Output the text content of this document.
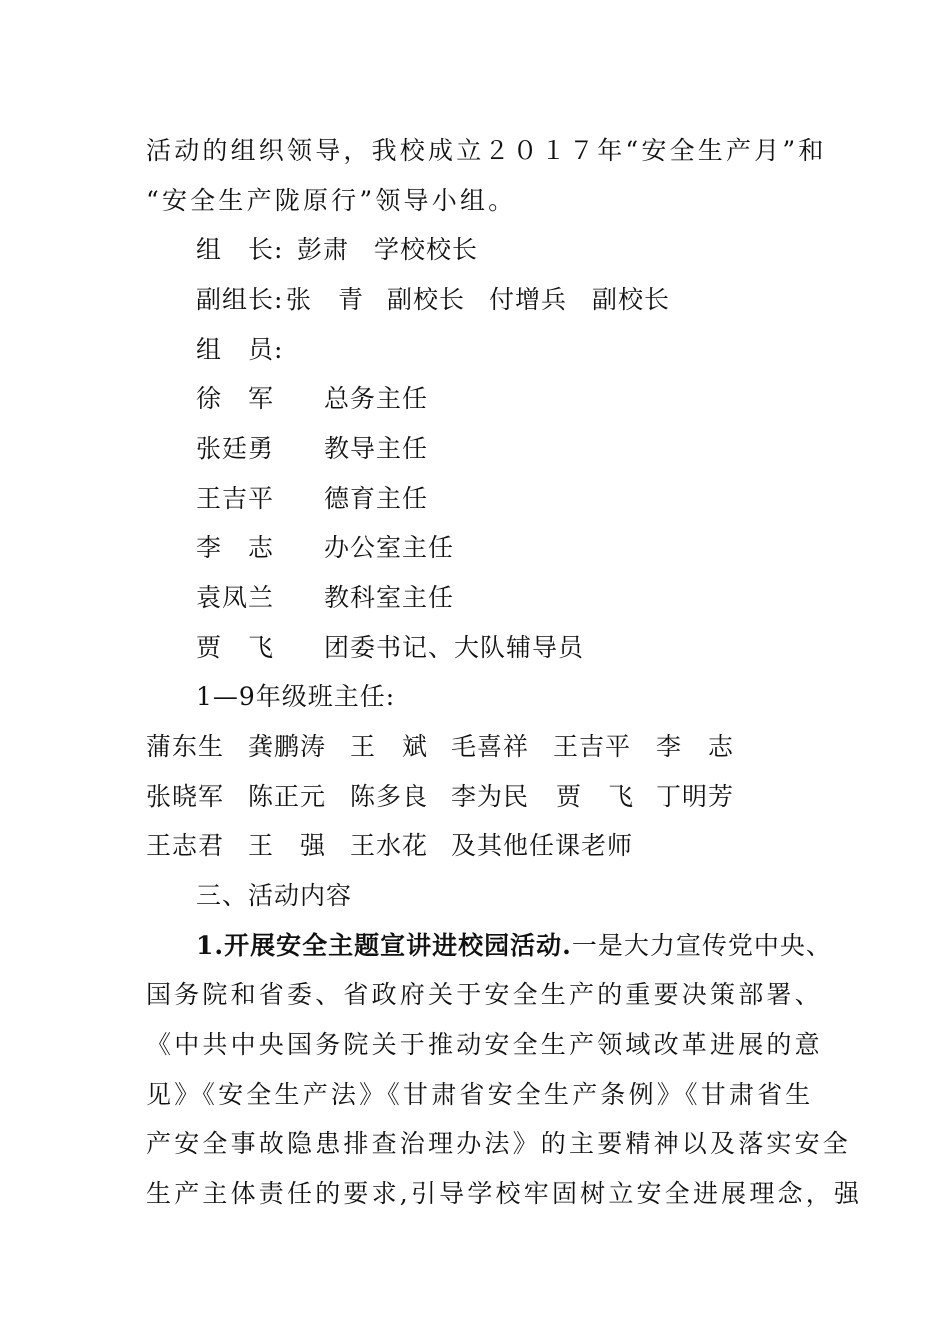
活动的组织领导，我校成立２０１７年“安全生产月”和
“安全生产陇原行”领导小组。
组　长: 彭肃 学校校长
副组长: 张　青 副校长 付增兵 副校长
组　员:
徐　军 总务主任
张廷勇 教导主任
王吉平 德育主任
李　志 办公室主任
袁凤兰 教科室主任
贾　飞 团委书记、大队辅导员
1—9年级班主任:
蒲东生 龚鹏涛 王　斌 毛喜祥 王吉平 李　志
张晓军 陈正元 陈多良 李为民 贾　飞 丁明芳
王志君 王　强 王水花 及其他任课老师
三、活动内容
1.开展安全主题宣讲进校园活动.一是大力宣传党中央、
国务院和省委、省政府关于安全生产的重要决策部署、
《中共中央国务院关于推动安全生产领域改革进展的意
见》《安全生产法》《甘肃省安全生产条例》《甘肃省生
产安全事故隐患排查治理办法》的主要精神以及落实安全
生产主体责任的要求,引导学校牢固树立安全进展理念，强
